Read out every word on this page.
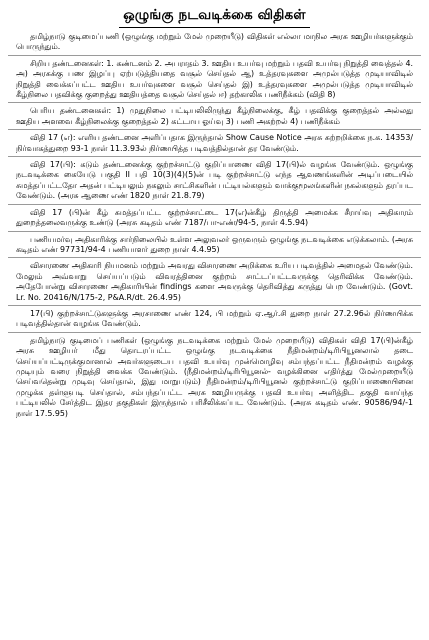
ஒழுங்கு நடவடிக்கை விதிகள்

தமிழ்நாடு குடிமைப்பணி (ஒழுங்கு மற்றும் மேல் முறையீடு) விதிகள் எல்லா மாநில அரசு ஊழியர்களுக்கும் பொருந்தும்.

சிறிய தண்டனைகள்: 1. கண்டனம் 2. அபராதம் 3. ஊதிய உயர்வு மற்றும் பதவி உயர்வு நிறுத்தி வைத்தல் 4. அ) அரசுக்கு பண இழப்பு ஏற்படுத்தியதை வசூல் செய்தல் ஆ) உத்தரவுகளை அமுல்படுத்த முடியாவிடில் நிறுத்தி வைக்கப்பட்ட ஊதிய உயர்வுகளை வசூல் செய்தல் இ) உத்தரவுகளை அமுல்படுத்த முடியாவிடில் கீழ்நிலை பதவிக்கு குறைத்து ஊதியத்தை வசூல் செய்தல் ஈ) தற்காலிக பணிநீக்கம் (விதி 8)

பெரிய தண்டனைகள்: 1) முதுநிலை பட்டியலிலிருந்து கீழ்நிலைக்கு, கீழ் பதவிக்கு குறைத்தல் அல்லது ஊதிய அளவை கீழ்நிலைக்கு குறைத்தல் 2) கட்டாய ஓய்வு 3) பணி அகற்றல் 4) பணிநீக்கம்

விதி 17 (எ): எளிய தண்டனை அளிப்பதாக இருந்தால் Show Cause Notice அரசு சுற்றறிக்கை ந.க. 14353/நிர்வாகத்துறை 93-1 நாள் 11.3.93ல் நிர்ணயித்த படிவத்தில்தான் தர வேண்டும்.

விதி 17(பி): கடும் தண்டனைக்கு குற்றச்சாட்டு குறிப்பாணை விதி 17(பி)ல் வழங்க வேண்டும். ஒழுங்கு நடவடிக்கை கையேடு பகுதி II பதி 10(3)(4)(5)ன் படி குற்றச்சாட்டு எந்த ஆவணங்களின் அடிப்படையில் சுமத்தப்பட்டதோ அதன் பட்டியலும் நகலும் சாட்சிகளின் பட்டியல்களும் வாக்குமூலங்களின் நகல்களும் தரப்பட வேண்டும். (அரசு ஆணை எண் 1820 நாள் 21.8.79)

விதி 17 (பி)ன் கீழ் சுமத்தப்பட்ட குற்றச்சாட்டை 17(எ)ன்கீழ் திருத்தி அமைக்க சீராய்வு அதிகாரம் துறைத்தலைவருக்கு உண்டு (அரசு கடிதம் எண் 7187/பா-எண்/94-5, நாள் 4.5.94)

பணியமர்வு அதிகாரிக்கு சார்நிலையில் உள்ள அலுவலர் ஒருவரும் ஒழுங்கு நடவடிக்கை எடுக்கலாம். (அரசு கடிதம் எண் 97731/94-4 பணியாளர் துறை நாள் 4.4.95)

விசாரணை அதிகாரி நியமனம் மற்றும் அவரது விசாரணை அறிக்கை உரிய படிவத்தில் அமைதல் வேண்டும். மேலும் அவ்வாறு செய்யப்படும் விவரத்தினை குற்றம் சாட்டப்பட்டவருக்கு தெரிவிக்க வேண்டும். அதேபோன்று விசாரணை அதிகாரியின் findings களை அவருக்கு தெரிவித்து கருத்து பெற வேண்டும். (Govt. Lr. No. 20416/N/175-2, P&A.R/dt. 26.4.95)

17(பி) குற்றச்சாட்டுகளுக்கு அரசாணை எண் 124, பி மற்றும் ஏ.ஆர்.சி துறை நாள் 27.2.96ல் நிர்ணயிக்க படிவத்தில்தான் வழங்க வேண்டும்.

தமிழ்நாடு குடிமைப் பணிகள் (ஒழுங்கு நடவடிக்கை மற்றும் மேல் முறையீடு) விதிகள் விதி 17(பி)ன்கீழ் அரசு ஊழியர் மீது தொடரப்பட்ட ஒழுங்கு நடவடிக்கை நீதிமன்றம்/டிரிபியூனலால் தடை செய்யப்பட்டிருக்குமானால் அவர்களுடைய பதவி உயர்வு முன்மொழிவு சம்பந்தப்பட்ட நீதிமன்றம் வழக்கு முடியும் வரை நிறுத்தி வைக்க வேண்டும். (நீதிமன்றம்/டிரிபியூனல்- வழக்கினை எதிர்த்து மேல்முறையீடு செய்வதென்று முடிவு செய்தால், இது மாறுபடும்) நீதிமன்றம்/டிரிபியூனல் குற்றச்சாட்டு குறிப்பாணையினை முழுக்க தள்ளுபடி செய்தால், சம்பந்தப்பட்ட அரசு ஊழியருக்கு பதவி உயர்வு அளித்திட தகுதி வாய்ந்த பட்டியலில் சேர்த்திட இதர தகுதிகள் இருந்தால் பரிசீலிக்கப்பட வேண்டும். (அரசு கடிதம் எண். 90586/94/-1 நாள் 17.5.95)
